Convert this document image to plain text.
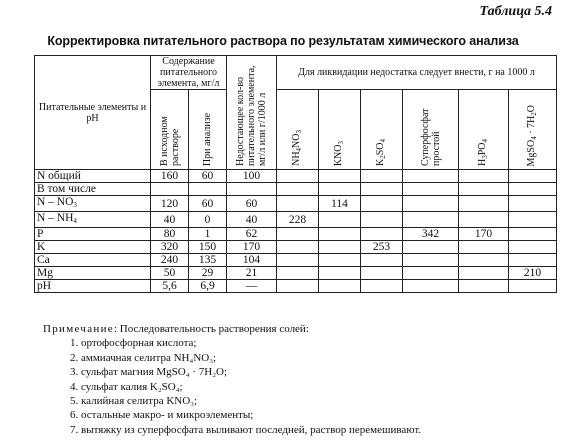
Таблица 5.4
Корректировка питательного раствора по результатам химического анализа
Питательные элементы и pH	Содержание питательного элемента, мг/л		Недостающее кол-во питательного элемента, мг/л или г/1000 л	Для ликвидации недостатка следует внести, г на 1000 л					
	В исходном растворе	При анализе		$NH_4NO_3$	$KNO_3$	$K_2SO_4$	Суперфосфат простой	$H_3PO_4$	MgSO$_4$ · $7H_2O$
N общий	160	60	100						
В том числе									
N – $NO_3$	120	60	60		114				
N – $NH_4$	40	0	40	228					
P	80	1	62				342	170	
K	320	150	170			253			
Ca	240	135	104						
Mg	50	29	21						210
pH	5,6	6,9	—						
Примечание: Последовательность растворения солей:
1. ортофосфорная кислота;
2. аммиачная селитра NH₄NO₃;
3. сульфат магния MgSO₄ · 7H₂O;
4. сульфат калия K₂SO₄;
5. калийная селитра KNO₃;
6. остальные макро- и микроэлементы;
7. вытяжку из суперфосфата выливают последней, раствор перемешивают.
